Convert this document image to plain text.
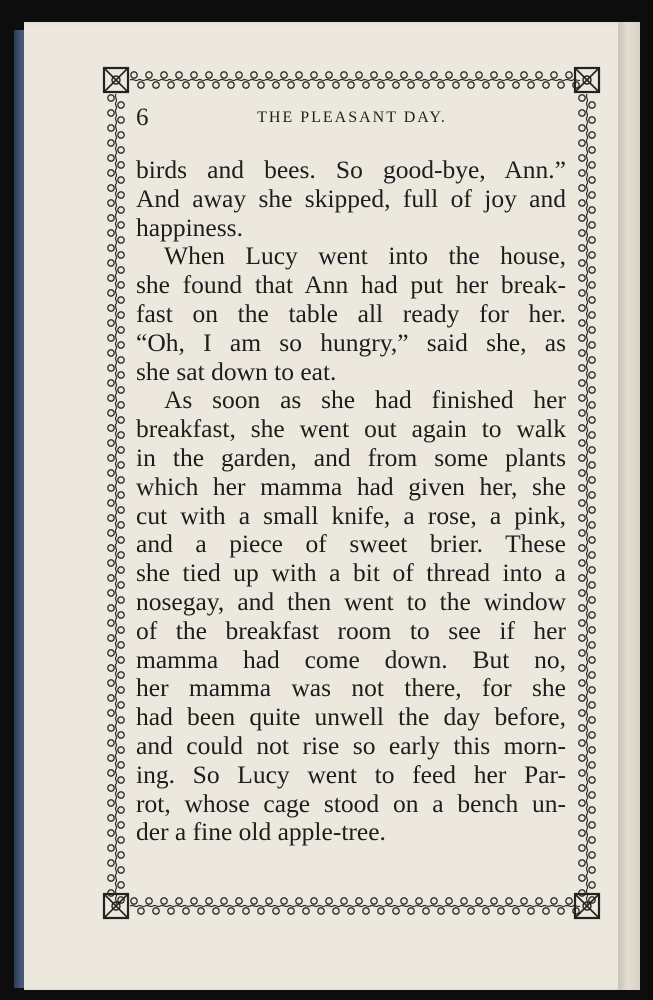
6	THE PLEASANT DAY.
birds and bees. So good-bye, Ann.”
And away she skipped, full of joy and
happiness.
When Lucy went into the house,
she found that Ann had put her break-
fast on the table all ready for her.
“Oh, I am so hungry,” said she, as
she sat down to eat.
As soon as she had finished her
breakfast, she went out again to walk
in the garden, and from some plants
which her mamma had given her, she
cut with a small knife, a rose, a pink,
and a piece of sweet brier. These
she tied up with a bit of thread into a
nosegay, and then went to the window
of the breakfast room to see if her
mamma had come down. But no,
her mamma was not there, for she
had been quite unwell the day before,
and could not rise so early this morn-
ing. So Lucy went to feed her Par-
rot, whose cage stood on a bench un-
der a fine old apple-tree.
